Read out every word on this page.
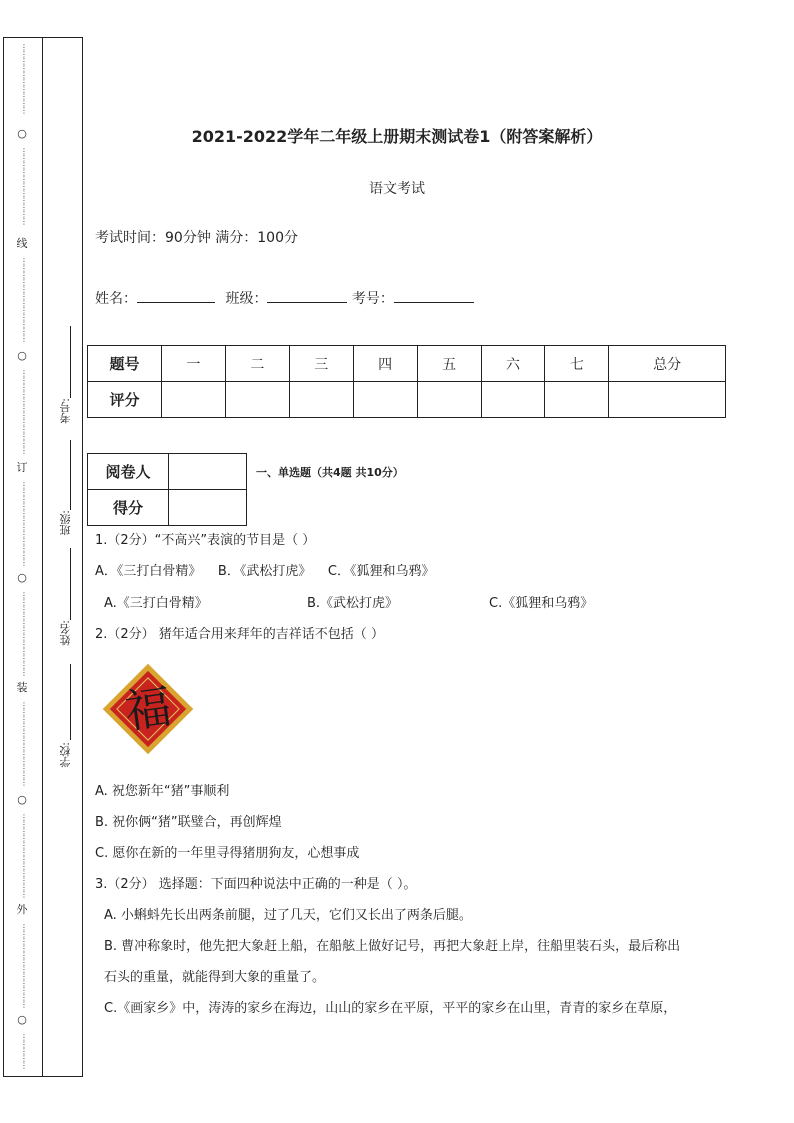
⋮⋮⋮⋮⋮⋮⋮⋮⋮⋮
○
⋮⋮⋮⋮⋮⋮⋮⋮⋮⋮⋮
线
⋮⋮⋮⋮⋮⋮⋮⋮⋮⋮⋮⋮
○
⋮⋮⋮⋮⋮⋮⋮⋮⋮⋮⋮⋮
订
⋮⋮⋮⋮⋮⋮⋮⋮⋮⋮⋮⋮
○
⋮⋮⋮⋮⋮⋮⋮⋮⋮⋮⋮⋮
装
⋮⋮⋮⋮⋮⋮⋮⋮⋮⋮⋮⋮
○
⋮⋮⋮⋮⋮⋮⋮⋮⋮⋮⋮⋮
外
⋮⋮⋮⋮⋮⋮⋮⋮⋮⋮⋮⋮
○
⋮⋮⋮⋮⋮
考号:
班级:
姓名:
学校:
2021-2022学年二年级上册期末测试卷1（附答案解析）
语文考试
考试时间：90分钟 满分：100分
姓名：	班级：	考号：
题号	一	二	三	四	五	六	七	总分
评分								
阅卷人	
得分	
一、单选题（共4题 共10分）
1.（2分）“不高兴”表演的节目是（ ）
A．《三打白骨精》    B．《武松打虎》    C．《狐狸和乌鸦》
A.《三打白骨精》	B.《武松打虎》	C.《狐狸和乌鸦》
2.（2分） 猪年适合用来拜年的吉祥话不包括（ ）
福
A. 祝您新年“猪”事顺利
B. 祝你俩“猪”联璧合，再创辉煌
C. 愿你在新的一年里寻得猪朋狗友，心想事成
3.（2分） 选择题：下面四种说法中正确的一种是（ ）。
A. 小蝌蚪先长出两条前腿，过了几天，它们又长出了两条后腿。
B. 曹冲称象时，他先把大象赶上船，在船舷上做好记号，再把大象赶上岸，往船里装石头，最后称出
石头的重量，就能得到大象的重量了。
C.《画家乡》中，涛涛的家乡在海边，山山的家乡在平原，平平的家乡在山里，青青的家乡在草原，
